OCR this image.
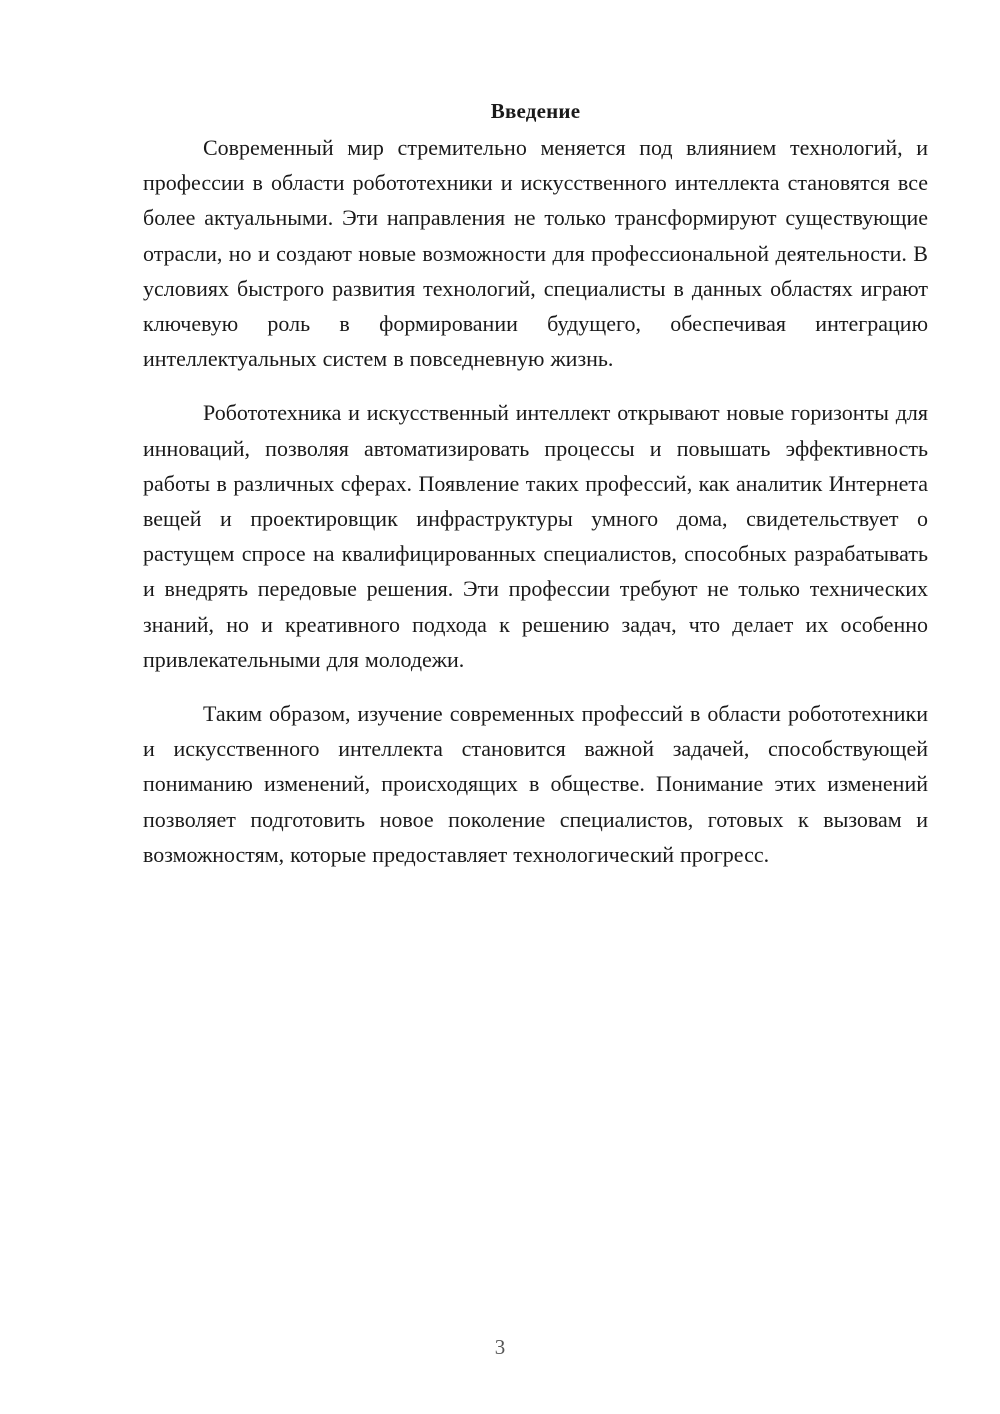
Введение

Современный мир стремительно меняется под влиянием технологий, и профессии в области робототехники и искусственного интеллекта становятся все более актуальными. Эти направления не только трансформируют существующие отрасли, но и создают новые возможности для профессиональной деятельности. В условиях быстрого развития технологий, специалисты в данных областях играют ключевую роль в формировании будущего, обеспечивая интеграцию интеллектуальных систем в повседневную жизнь.

Робототехника и искусственный интеллект открывают новые горизонты для инноваций, позволяя автоматизировать процессы и повышать эффективность работы в различных сферах. Появление таких профессий, как аналитик Интернета вещей и проектировщик инфраструктуры умного дома, свидетельствует о растущем спросе на квалифицированных специалистов, способных разрабатывать и внедрять передовые решения. Эти профессии требуют не только технических знаний, но и креативного подхода к решению задач, что делает их особенно привлекательными для молодежи.

Таким образом, изучение современных профессий в области робототехники и искусственного интеллекта становится важной задачей, способствующей пониманию изменений, происходящих в обществе. Понимание этих изменений позволяет подготовить новое поколение специалистов, готовых к вызовам и возможностям, которые предоставляет технологический прогресс.

3
